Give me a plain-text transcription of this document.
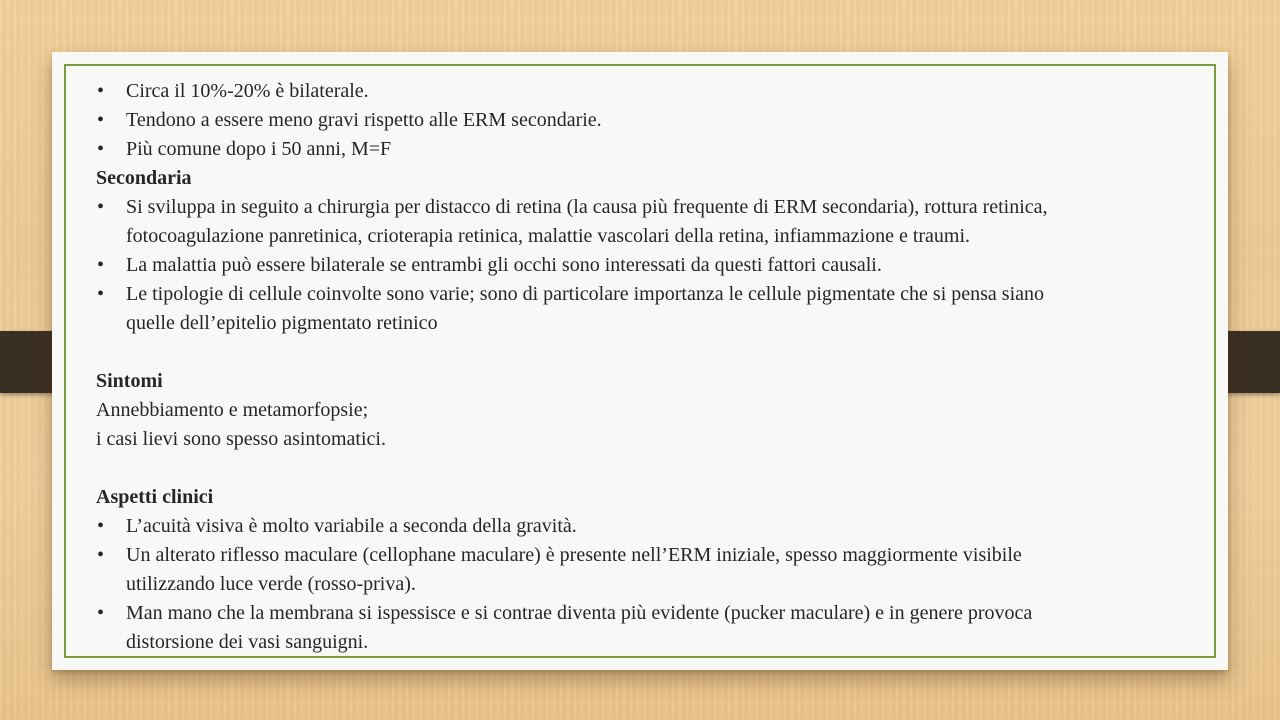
• Circa il 10%-20% è bilaterale.
• Tendono a essere meno gravi rispetto alle ERM secondarie.
• Più comune dopo i 50 anni, M=F
Secondaria
• Si sviluppa in seguito a chirurgia per distacco di retina (la causa più frequente di ERM secondaria), rottura retinica,
fotocoagulazione panretinica, crioterapia retinica, malattie vascolari della retina, infiammazione e traumi.
• La malattia può essere bilaterale se entrambi gli occhi sono interessati da questi fattori causali.
• Le tipologie di cellule coinvolte sono varie; sono di particolare importanza le cellule pigmentate che si pensa siano
quelle dell’epitelio pigmentato retinico
Sintomi
Annebbiamento e metamorfopsie;
i casi lievi sono spesso asintomatici.
Aspetti clinici
• L’acuità visiva è molto variabile a seconda della gravità.
• Un alterato riflesso maculare (cellophane maculare) è presente nell’ERM iniziale, spesso maggiormente visibile
utilizzando luce verde (rosso-priva).
• Man mano che la membrana si ispessisce e si contrae diventa più evidente (pucker maculare) e in genere provoca
distorsione dei vasi sanguigni.
